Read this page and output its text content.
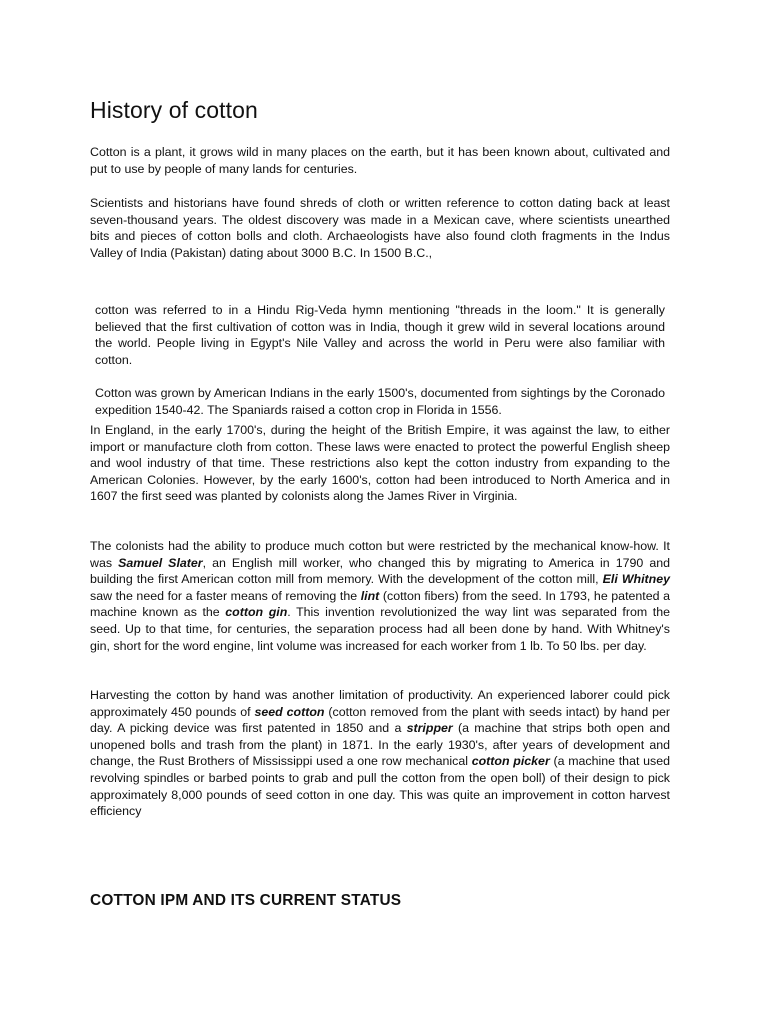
History of cotton

Cotton is a plant, it grows wild in many places on the earth, but it has been known about, cultivated and put to use by people of many lands for centuries.

Scientists and historians have found shreds of cloth or written reference to cotton dating back at least seven-thousand years. The oldest discovery was made in a Mexican cave, where scientists unearthed bits and pieces of cotton bolls and cloth. Archaeologists have also found cloth fragments in the Indus Valley of India (Pakistan) dating about 3000 B.C. In 1500 B.C.,

cotton was referred to in a Hindu Rig-Veda hymn mentioning "threads in the loom." It is generally believed that the first cultivation of cotton was in India, though it grew wild in several locations around the world. People living in Egypt's Nile Valley and across the world in Peru were also familiar with cotton.

Cotton was grown by American Indians in the early 1500's, documented from sightings by the Coronado expedition 1540-42. The Spaniards raised a cotton crop in Florida in 1556.

In England, in the early 1700's, during the height of the British Empire, it was against the law, to either import or manufacture cloth from cotton. These laws were enacted to protect the powerful English sheep and wool industry of that time. These restrictions also kept the cotton industry from expanding to the American Colonies. However, by the early 1600's, cotton had been introduced to North America and in 1607 the first seed was planted by colonists along the James River in Virginia.

The colonists had the ability to produce much cotton but were restricted by the mechanical know-how. It was Samuel Slater, an English mill worker, who changed this by migrating to America in 1790 and building the first American cotton mill from memory. With the development of the cotton mill, Eli Whitney saw the need for a faster means of removing the lint (cotton fibers) from the seed. In 1793, he patented a machine known as the cotton gin. This invention revolutionized the way lint was separated from the seed. Up to that time, for centuries, the separation process had all been done by hand. With Whitney's gin, short for the word engine, lint volume was increased for each worker from 1 lb. To 50 lbs. per day.

Harvesting the cotton by hand was another limitation of productivity. An experienced laborer could pick approximately 450 pounds of seed cotton (cotton removed from the plant with seeds intact) by hand per day. A picking device was first patented in 1850 and a stripper (a machine that strips both open and unopened bolls and trash from the plant) in 1871. In the early 1930's, after years of development and change, the Rust Brothers of Mississippi used a one row mechanical cotton picker (a machine that used revolving spindles or barbed points to grab and pull the cotton from the open boll) of their design to pick approximately 8,000 pounds of seed cotton in one day. This was quite an improvement in cotton harvest efficiency

COTTON IPM AND ITS CURRENT STATUS
